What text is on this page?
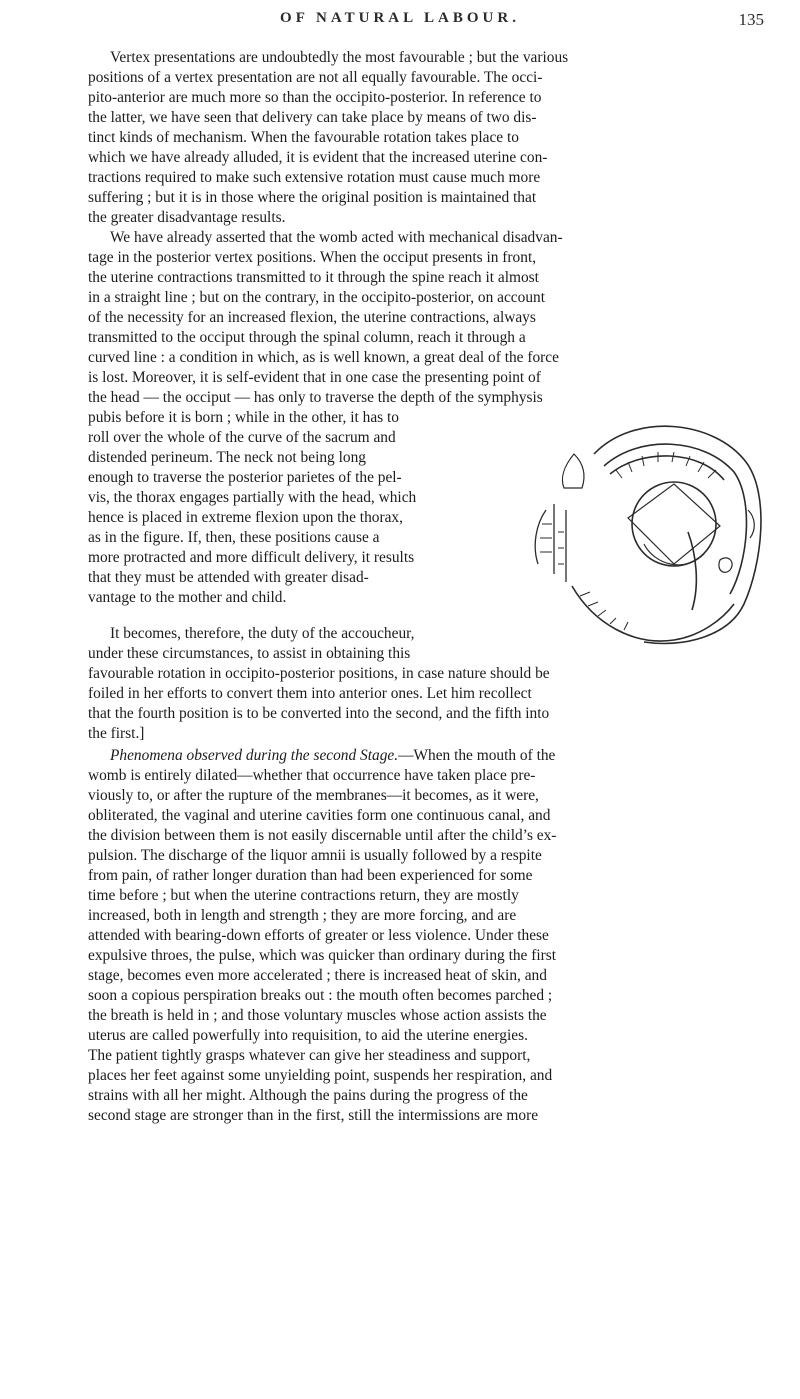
OF NATURAL LABOUR.	135
Vertex presentations are undoubtedly the most favourable ; but the various
positions of a vertex presentation are not all equally favourable. The occi-
pito-anterior are much more so than the occipito-posterior. In reference to
the latter, we have seen that delivery can take place by means of two dis-
tinct kinds of mechanism. When the favourable rotation takes place to
which we have already alluded, it is evident that the increased uterine con-
tractions required to make such extensive rotation must cause much more
suffering ; but it is in those where the original position is maintained that
the greater disadvantage results.
We have already asserted that the womb acted with mechanical disadvan-
tage in the posterior vertex positions. When the occiput presents in front,
the uterine contractions transmitted to it through the spine reach it almost
in a straight line ; but on the contrary, in the occipito-posterior, on account
of the necessity for an increased flexion, the uterine contractions, always
transmitted to the occiput through the spinal column, reach it through a
curved line : a condition in which, as is well known, a great deal of the force
is lost. Moreover, it is self-evident that in one case the presenting point of
the head — the occiput — has only to traverse the depth of the symphysis
pubis before it is born ; while in the other, it has to
roll over the whole of the curve of the sacrum and
distended perineum. The neck not being long
enough to traverse the posterior parietes of the pel-
vis, the thorax engages partially with the head, which
hence is placed in extreme flexion upon the thorax,
as in the figure. If, then, these positions cause a
more protracted and more difficult delivery, it results
that they must be attended with greater disad-
vantage to the mother and child.
It becomes, therefore, the duty of the accoucheur,
under these circumstances, to assist in obtaining this
favourable rotation in occipito-posterior positions, in case nature should be
foiled in her efforts to convert them into anterior ones. Let him recollect
that the fourth position is to be converted into the second, and the fifth into
the first.]
Phenomena observed during the second Stage.—When the mouth of the
womb is entirely dilated—whether that occurrence have taken place pre-
viously to, or after the rupture of the membranes—it becomes, as it were,
obliterated, the vaginal and uterine cavities form one continuous canal, and
the division between them is not easily discernable until after the child’s ex-
pulsion. The discharge of the liquor amnii is usually followed by a respite
from pain, of rather longer duration than had been experienced for some
time before ; but when the uterine contractions return, they are mostly
increased, both in length and strength ; they are more forcing, and are
attended with bearing-down efforts of greater or less violence. Under these
expulsive throes, the pulse, which was quicker than ordinary during the first
stage, becomes even more accelerated ; there is increased heat of skin, and
soon a copious perspiration breaks out : the mouth often becomes parched ;
the breath is held in ; and those voluntary muscles whose action assists the
uterus are called powerfully into requisition, to aid the uterine energies.
The patient tightly grasps whatever can give her steadiness and support,
places her feet against some unyielding point, suspends her respiration, and
strains with all her might. Although the pains during the progress of the
second stage are stronger than in the first, still the intermissions are more
